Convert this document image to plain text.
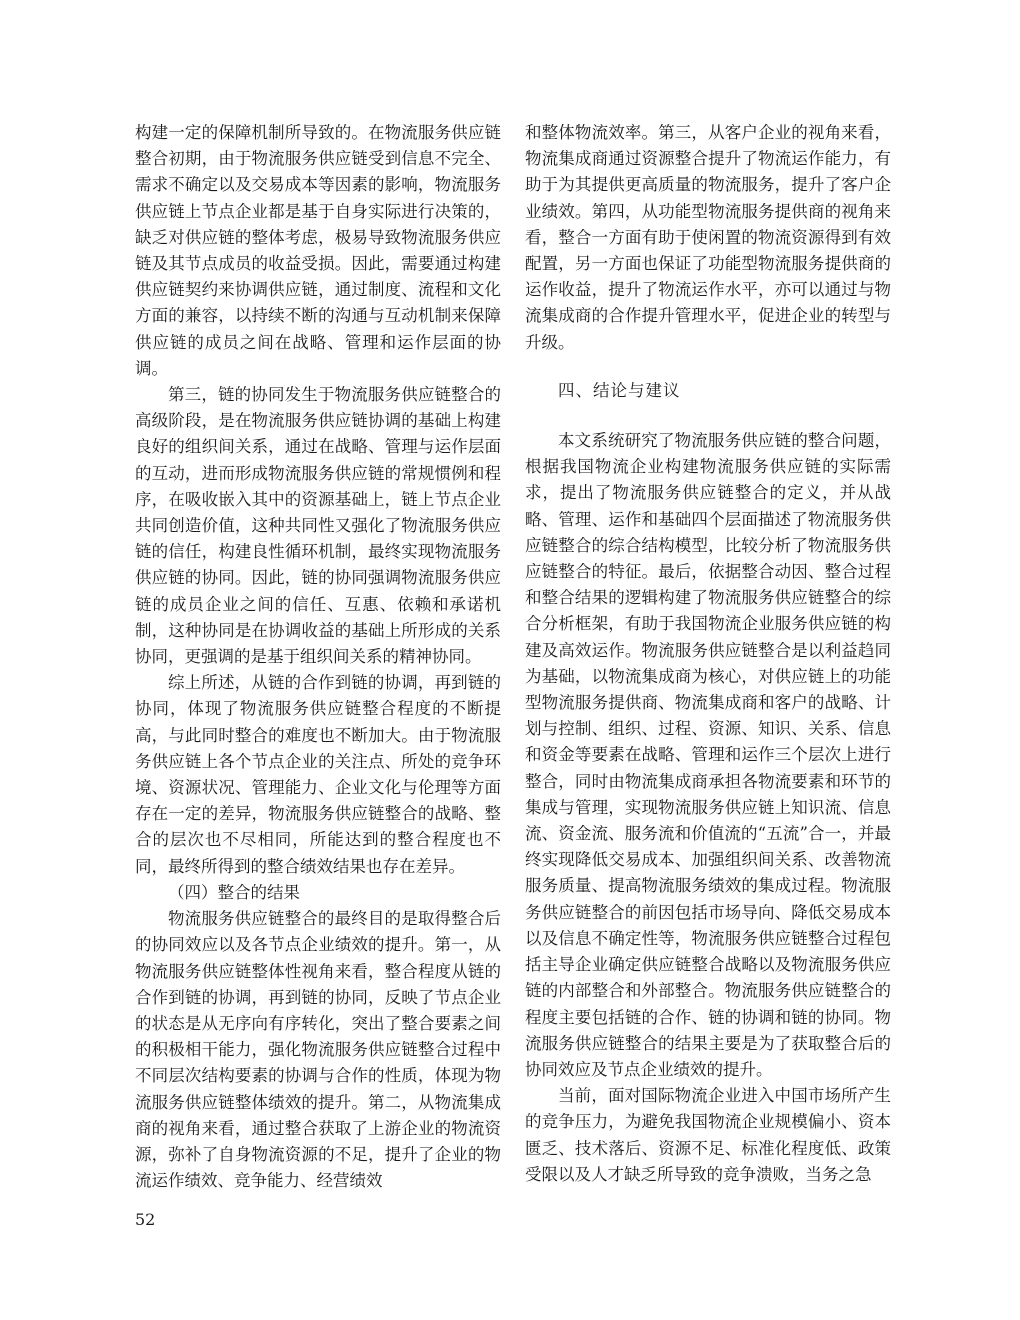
构建一定的保障机制所导致的。在物流服务供应链整合初期，由于物流服务供应链受到信息不完全、需求不确定以及交易成本等因素的影响，物流服务供应链上节点企业都是基于自身实际进行决策的，缺乏对供应链的整体考虑，极易导致物流服务供应链及其节点成员的收益受损。因此，需要通过构建供应链契约来协调供应链，通过制度、流程和文化方面的兼容，以持续不断的沟通与互动机制来保障供应链的成员之间在战略、管理和运作层面的协调。

第三，链的协同发生于物流服务供应链整合的高级阶段，是在物流服务供应链协调的基础上构建良好的组织间关系，通过在战略、管理与运作层面的互动，进而形成物流服务供应链的常规惯例和程序，在吸收嵌入其中的资源基础上，链上节点企业共同创造价值，这种共同性又强化了物流服务供应链的信任，构建良性循环机制，最终实现物流服务供应链的协同。因此，链的协同强调物流服务供应链的成员企业之间的信任、互惠、依赖和承诺机制，这种协同是在协调收益的基础上所形成的关系协同，更强调的是基于组织间关系的精神协同。

综上所述，从链的合作到链的协调，再到链的协同，体现了物流服务供应链整合程度的不断提高，与此同时整合的难度也不断加大。由于物流服务供应链上各个节点企业的关注点、所处的竞争环境、资源状况、管理能力、企业文化与伦理等方面存在一定的差异，物流服务供应链整合的战略、整合的层次也不尽相同，所能达到的整合程度也不同，最终所得到的整合绩效结果也存在差异。

（四）整合的结果

物流服务供应链整合的最终目的是取得整合后的协同效应以及各节点企业绩效的提升。第一，从物流服务供应链整体性视角来看，整合程度从链的合作到链的协调，再到链的协同，反映了节点企业的状态是从无序向有序转化，突出了整合要素之间的积极相干能力，强化物流服务供应链整合过程中不同层次结构要素的协调与合作的性质，体现为物流服务供应链整体绩效的提升。第二，从物流集成商的视角来看，通过整合获取了上游企业的物流资源，弥补了自身物流资源的不足，提升了企业的物流运作绩效、竞争能力、经营绩效

和整体物流效率。第三，从客户企业的视角来看，物流集成商通过资源整合提升了物流运作能力，有助于为其提供更高质量的物流服务，提升了客户企业绩效。第四，从功能型物流服务提供商的视角来看，整合一方面有助于使闲置的物流资源得到有效配置，另一方面也保证了功能型物流服务提供商的运作收益，提升了物流运作水平，亦可以通过与物流集成商的合作提升管理水平，促进企业的转型与升级。

四、结论与建议

本文系统研究了物流服务供应链的整合问题，根据我国物流企业构建物流服务供应链的实际需求，提出了物流服务供应链整合的定义，并从战略、管理、运作和基础四个层面描述了物流服务供应链整合的综合结构模型，比较分析了物流服务供应链整合的特征。最后，依据整合动因、整合过程和整合结果的逻辑构建了物流服务供应链整合的综合分析框架，有助于我国物流企业服务供应链的构建及高效运作。物流服务供应链整合是以利益趋同为基础，以物流集成商为核心，对供应链上的功能型物流服务提供商、物流集成商和客户的战略、计划与控制、组织、过程、资源、知识、关系、信息和资金等要素在战略、管理和运作三个层次上进行整合，同时由物流集成商承担各物流要素和环节的集成与管理，实现物流服务供应链上知识流、信息流、资金流、服务流和价值流的“五流”合一，并最终实现降低交易成本、加强组织间关系、改善物流服务质量、提高物流服务绩效的集成过程。物流服务供应链整合的前因包括市场导向、降低交易成本以及信息不确定性等，物流服务供应链整合过程包括主导企业确定供应链整合战略以及物流服务供应链的内部整合和外部整合。物流服务供应链整合的程度主要包括链的合作、链的协调和链的协同。物流服务供应链整合的结果主要是为了获取整合后的协同效应及节点企业绩效的提升。

当前，面对国际物流企业进入中国市场所产生的竞争压力，为避免我国物流企业规模偏小、资本匮乏、技术落后、资源不足、标准化程度低、政策受限以及人才缺乏所导致的竞争溃败，当务之急

52
